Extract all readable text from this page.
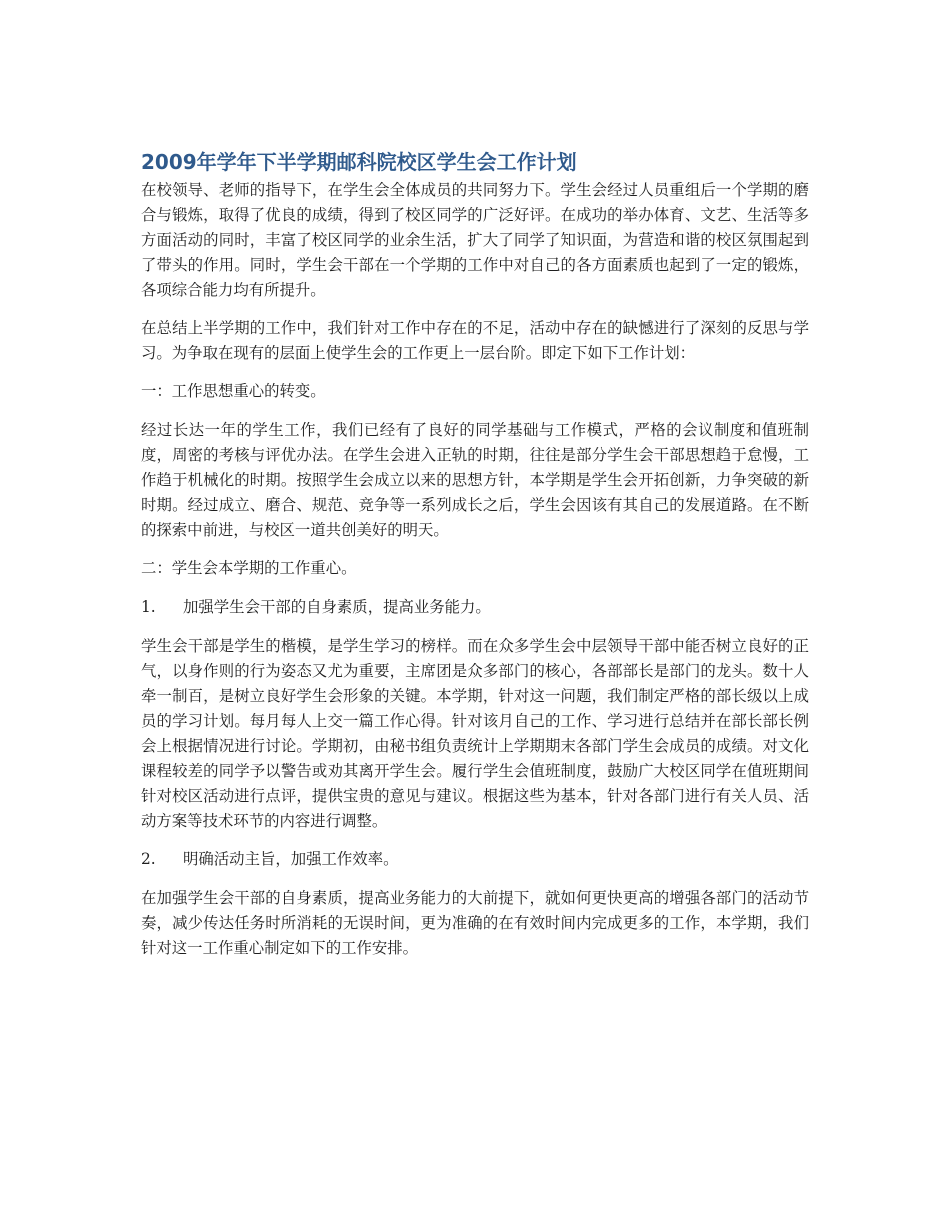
2009年学年下半学期邮科院校区学生会工作计划

在校领导、老师的指导下，在学生会全体成员的共同努力下。学生会经过人员重组后一个学期的磨合与锻炼，取得了优良的成绩，得到了校区同学的广泛好评。在成功的举办体育、文艺、生活等多方面活动的同时，丰富了校区同学的业余生活，扩大了同学了知识面，为营造和谐的校区氛围起到了带头的作用。同时，学生会干部在一个学期的工作中对自己的各方面素质也起到了一定的锻炼，各项综合能力均有所提升。

在总结上半学期的工作中，我们针对工作中存在的不足，活动中存在的缺憾进行了深刻的反思与学习。为争取在现有的层面上使学生会的工作更上一层台阶。即定下如下工作计划：

一：工作思想重心的转变。

经过长达一年的学生工作，我们已经有了良好的同学基础与工作模式，严格的会议制度和值班制度，周密的考核与评优办法。在学生会进入正轨的时期，往往是部分学生会干部思想趋于怠慢，工作趋于机械化的时期。按照学生会成立以来的思想方针，本学期是学生会开拓创新，力争突破的新时期。经过成立、磨合、规范、竞争等一系列成长之后，学生会因该有其自己的发展道路。在不断的探索中前进，与校区一道共创美好的明天。

二：学生会本学期的工作重心。

1.	加强学生会干部的自身素质，提高业务能力。

学生会干部是学生的楷模，是学生学习的榜样。而在众多学生会中层领导干部中能否树立良好的正气，以身作则的行为姿态又尤为重要，主席团是众多部门的核心，各部部长是部门的龙头。数十人牵一制百，是树立良好学生会形象的关键。本学期，针对这一问题，我们制定严格的部长级以上成员的学习计划。每月每人上交一篇工作心得。针对该月自己的工作、学习进行总结并在部长部长例会上根据情况进行讨论。学期初，由秘书组负责统计上学期期末各部门学生会成员的成绩。对文化课程较差的同学予以警告或劝其离开学生会。履行学生会值班制度，鼓励广大校区同学在值班期间针对校区活动进行点评，提供宝贵的意见与建议。根据这些为基本，针对各部门进行有关人员、活动方案等技术环节的内容进行调整。

2.	明确活动主旨，加强工作效率。

在加强学生会干部的自身素质，提高业务能力的大前提下，就如何更快更高的增强各部门的活动节奏，减少传达任务时所消耗的无误时间，更为准确的在有效时间内完成更多的工作，本学期，我们针对这一工作重心制定如下的工作安排。
